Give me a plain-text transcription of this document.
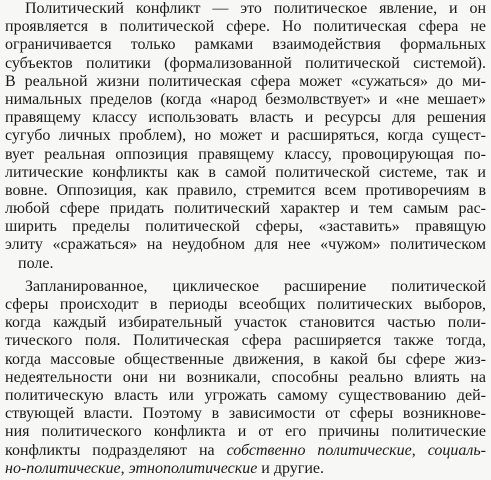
Политический конфликт — это политическое явление, и он
проявляется в политической сфере. Но политическая сфера не
ограничивается только рамками взаимодействия формальных
субъектов политики (формализованной политической системой).
В реальной жизни политическая сфера может «сужаться» до ми-
нимальных пределов (когда «народ безмолвствует» и «не мешает»
правящему классу использовать власть и ресурсы для решения
сугубо личных проблем), но может и расширяться, когда сущест-
вует реальная оппозиция правящему классу, провоцирующая по-
литические конфликты как в самой политической системе, так и
вовне. Оппозиция, как правило, стремится всем противоречиям в
любой сфере придать политический характер и тем самым рас-
ширить пределы политической сферы, «заставить» правящую
элиту «сражаться» на неудобном для нее «чужом» политическом
поле.
Запланированное, циклическое расширение политической
сферы происходит в периоды всеобщих политических выборов,
когда каждый избирательный участок становится частью поли-
тического поля. Политическая сфера расширяется также тогда,
когда массовые общественные движения, в какой бы сфере жиз-
недеятельности они ни возникали, способны реально влиять на
политическую власть или угрожать самому существованию дей-
ствующей власти. Поэтому в зависимости от сферы возникнове-
ния политического конфликта и от его причины политические
конфликты подразделяют на собственно политические, социаль-
но-политические, этнополитические и другие.
